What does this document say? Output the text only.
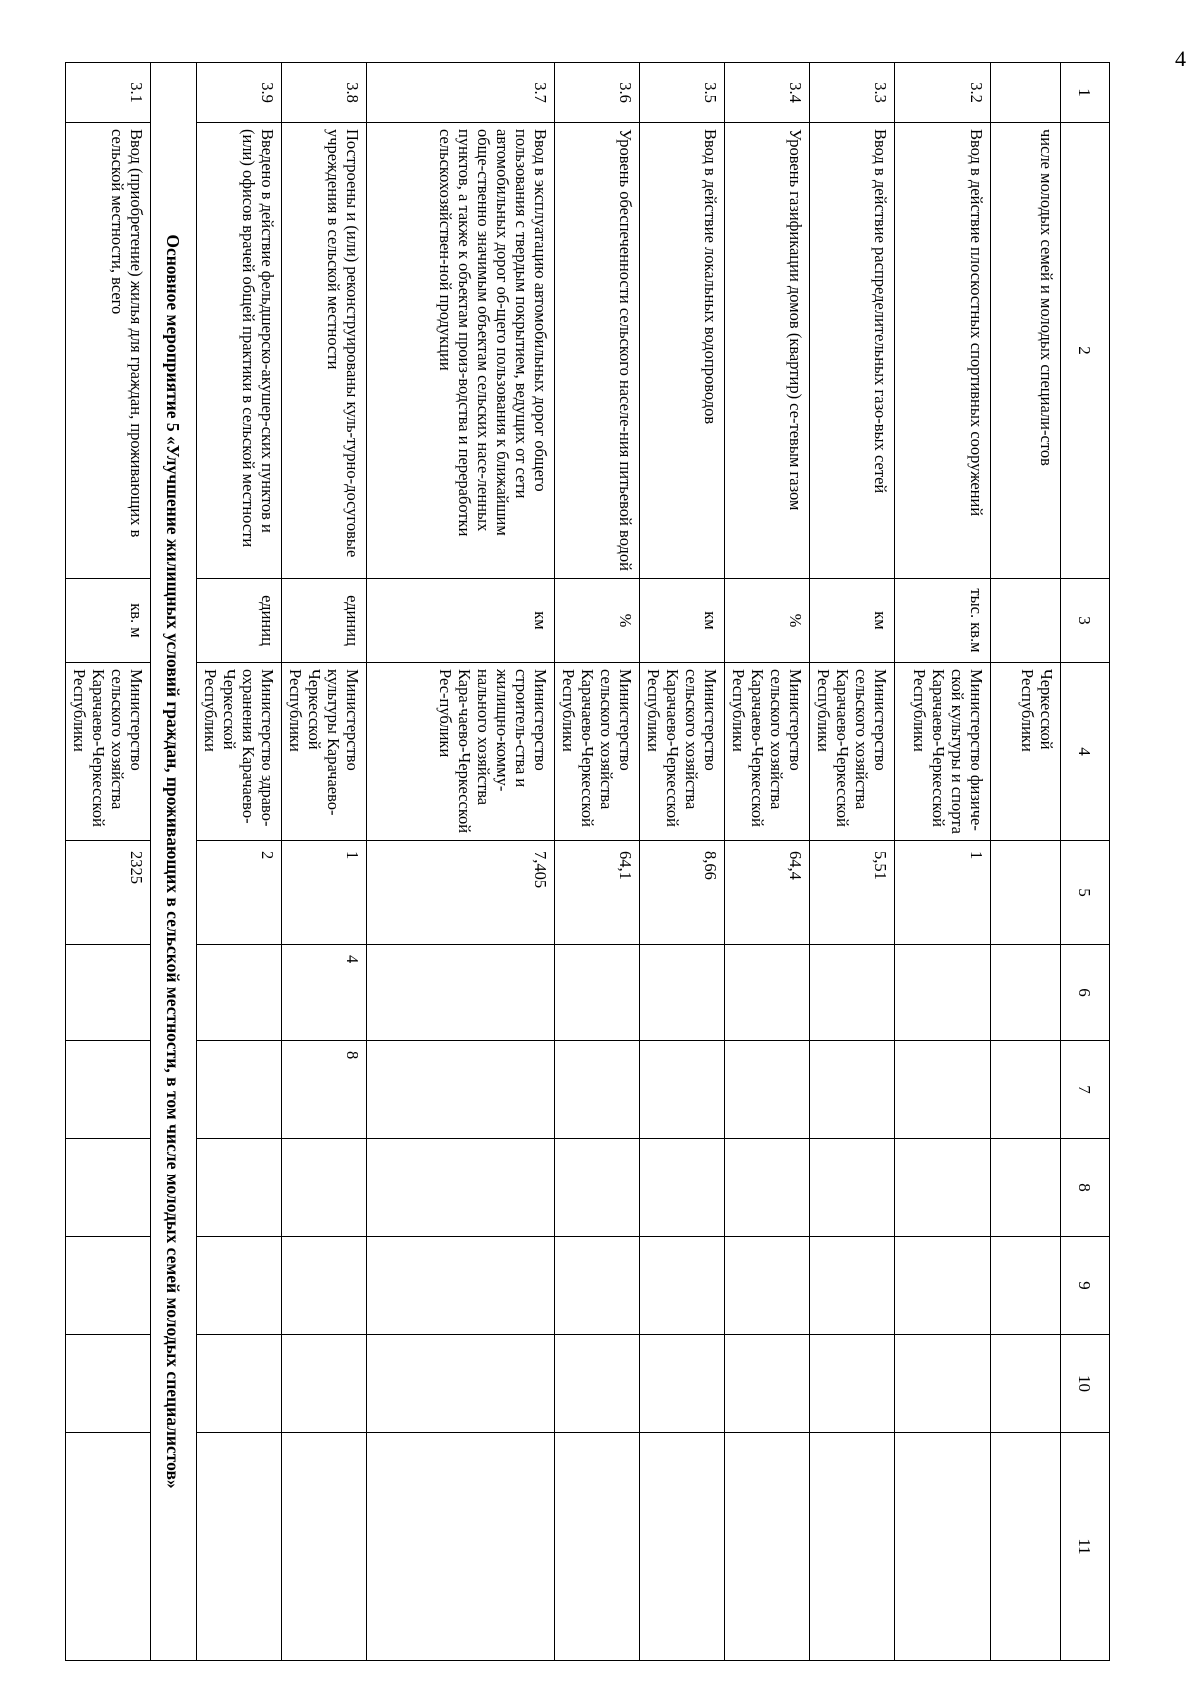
4
1	2	3	4	5	6	7	8	9	10	11
	числе молодых семей и молодых специали-стов		Черкесской Республики							
3.2	Ввод в действие плоскостных спортивных сооружений	тыс. кв.м	Министерство физиче-ской культуры и спорта Карачаево-Черкесской Республики	1						
3.3	Ввод в действие распределительных газо-вых сетей	км	Министерство сельского хозяйства Карачаево-Черкесской Республики	5,51						
3.4	Уровень газификации домов (квартир) се-тевым газом	%	Министерство сельского хозяйства Карачаево-Черкесской Республики	64,4						
3.5	Ввод в действие локальных водопроводов	км	Министерство сельского хозяйства Карачаево-Черкесской Республики	8,66						
3.6	Уровень обеспеченности сельского населе-ния питьевой водой	%	Министерство сельского хозяйства Карачаево-Черкесской Республики	64,1						
3.7	Ввод в эксплуатацию автомобильных дорог общего пользования с твердым покрытием, ведущих от сети автомобильных дорог об-щего пользования к ближайшим обще-ственно значимым объектам сельских насе-ленных пунктов, а также к объектам произ-водства и переработки сельскохозяйствен-ной продукции	км	Министерство строитель-ства и жилищно-комму-нального хозяйства Кара-чаево-Черкесской Рес-публики	7,405						
3.8	Построены и (или) реконструированы куль-турно-досуговые учреждения в сельской местности	единиц	Министерство культуры Карачаево-Черкесской Республики	1	4	8				
3.9	Введено в действие фельдшерско-акушер-ских пунктов и (или) офисов врачей общей практики в сельской местности	единиц	Министерство здраво-охранения Карачаево-Черкесской Республики	2						
Основное мероприятие 5 «Улучшение жилищных условий граждан, проживающих в сельской местности, в том числе молодых семей молодых специалистов»										
3.1	Ввод (приобретение) жилья для граждан, проживающих в сельской местности, всего	кв. м	Министерство сельского хозяйства Карачаево-Черкесской Республики	2325						
